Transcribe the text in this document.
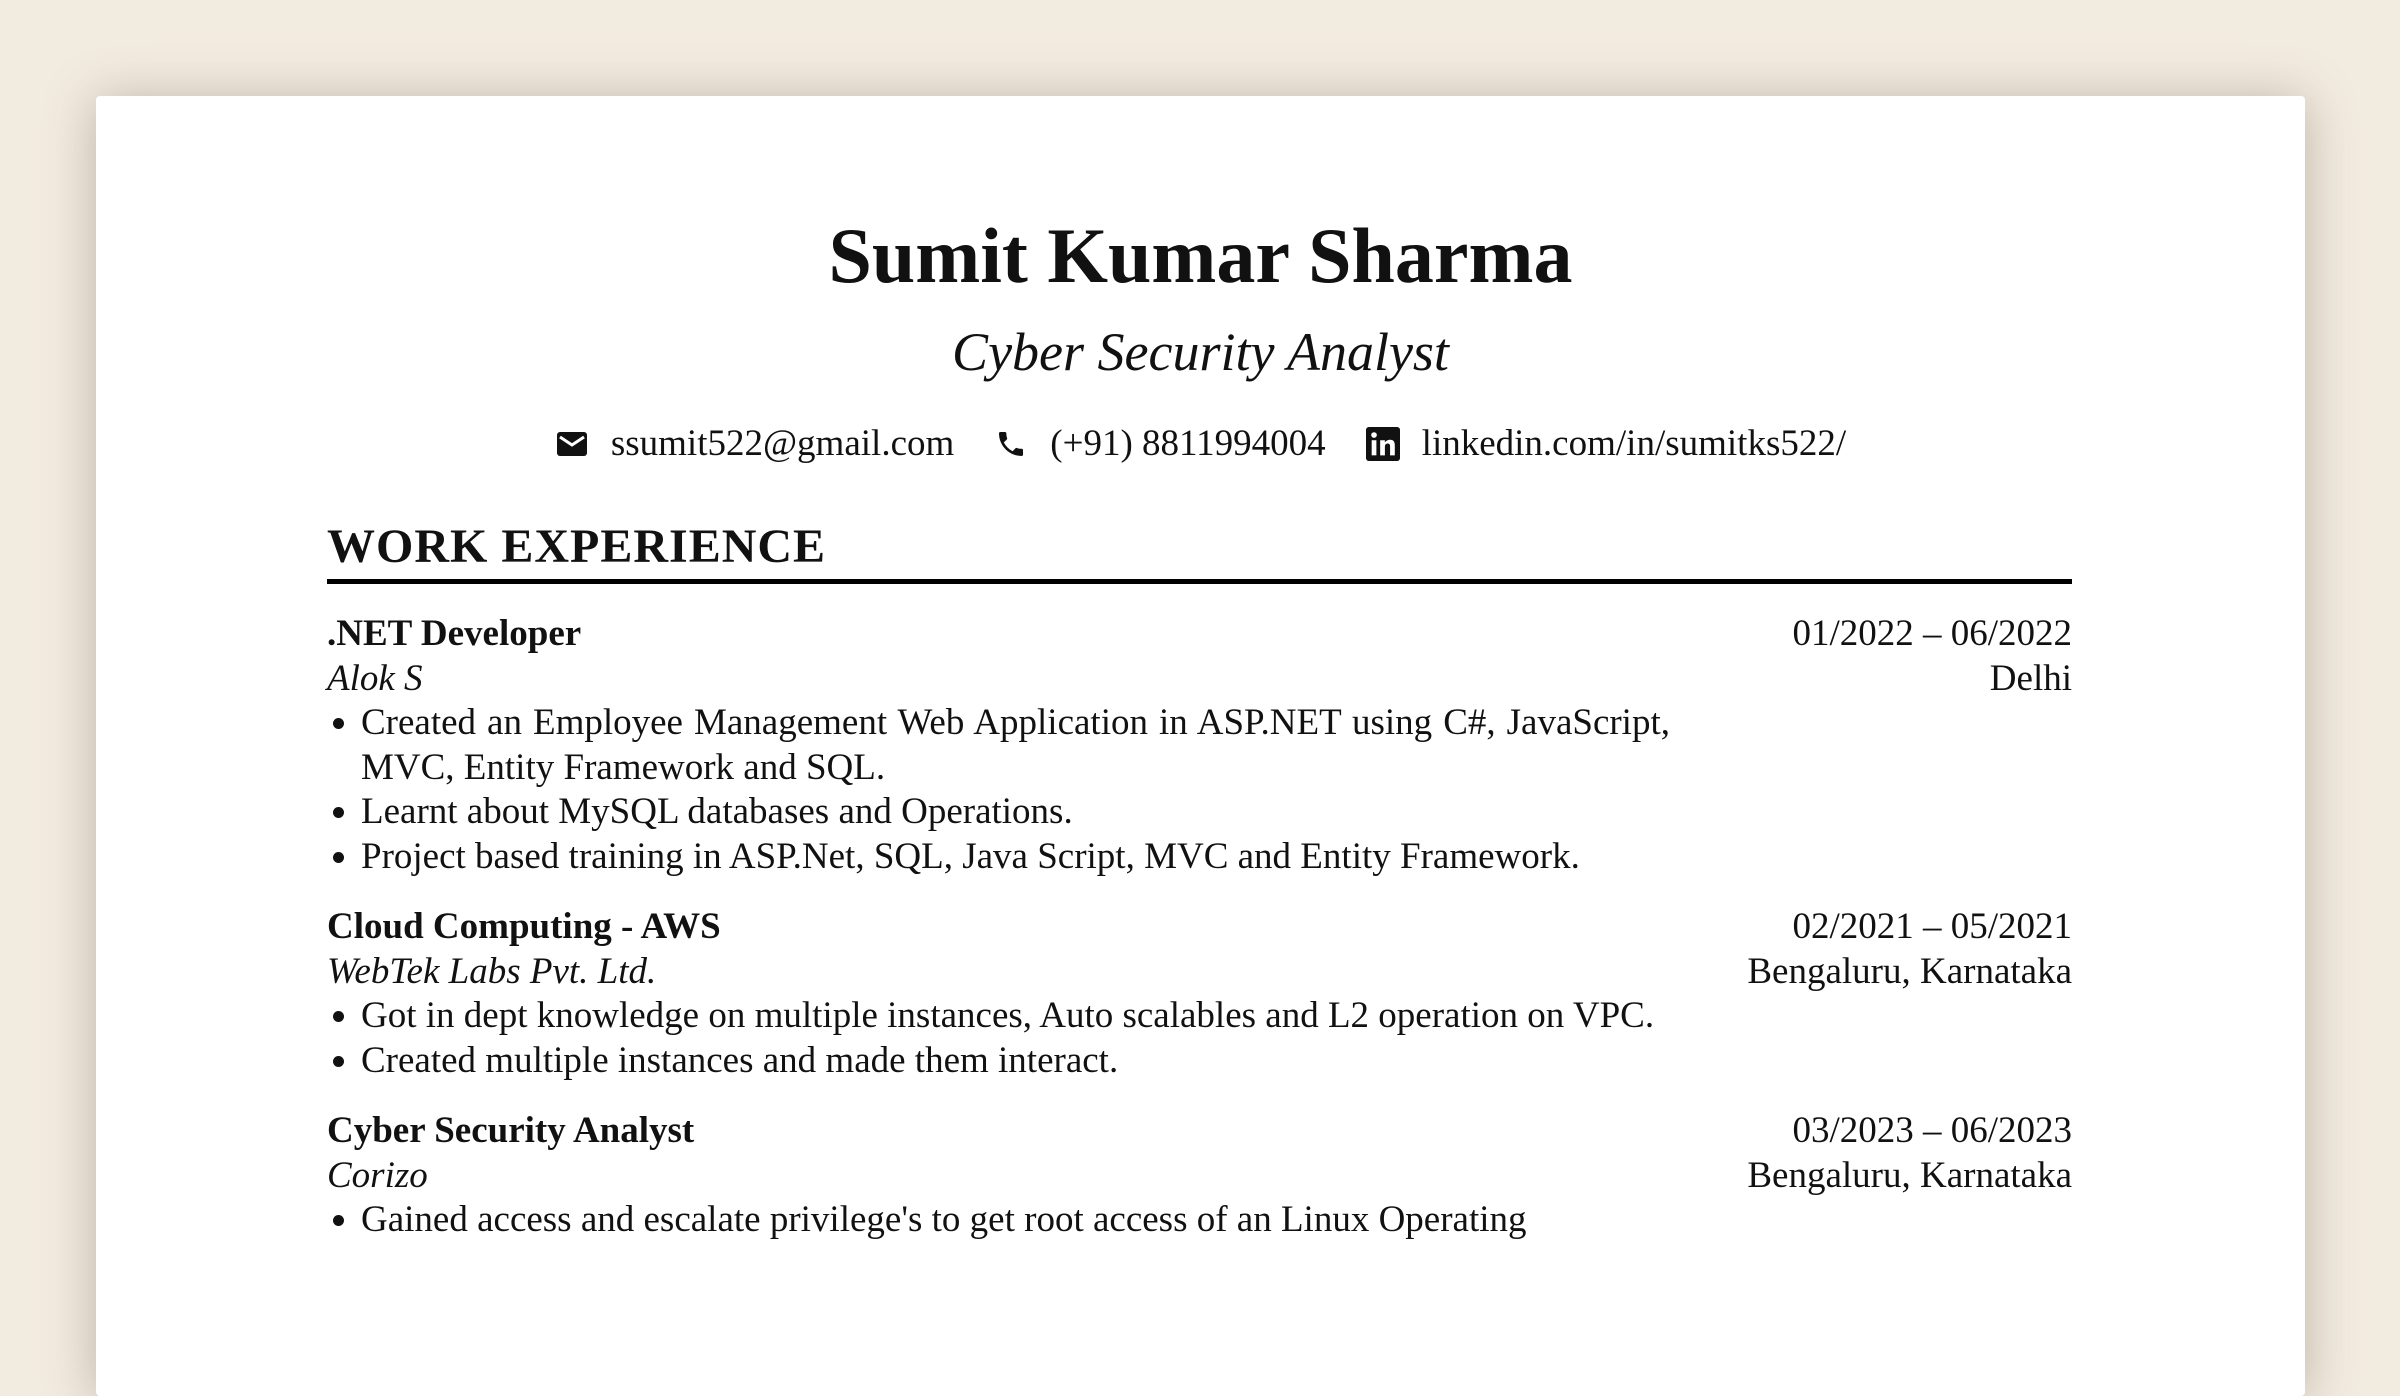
Sumit Kumar Sharma
Cyber Security Analyst
ssumit522@gmail.com	(+91) 8811994004	linkedin.com/in/sumitks522/
WORK EXPERIENCE
.NET Developer
Alok S
• Created an Employee Management Web Application in ASP.NET using C#, JavaScript, MVC, Entity Framework and SQL.
• Learnt about MySQL databases and Operations.
• Project based training in ASP.Net, SQL, Java Script, MVC and Entity Framework.
01/2022 – 06/2022
Delhi
Cloud Computing - AWS
WebTek Labs Pvt. Ltd.
• Got in dept knowledge on multiple instances, Auto scalables and L2 operation on VPC.
• Created multiple instances and made them interact.
02/2021 – 05/2021
Bengaluru, Karnataka
Cyber Security Analyst
Corizo
• Gained access and escalate privilege's to get root access of an Linux Operating
03/2023 – 06/2023
Bengaluru, Karnataka
